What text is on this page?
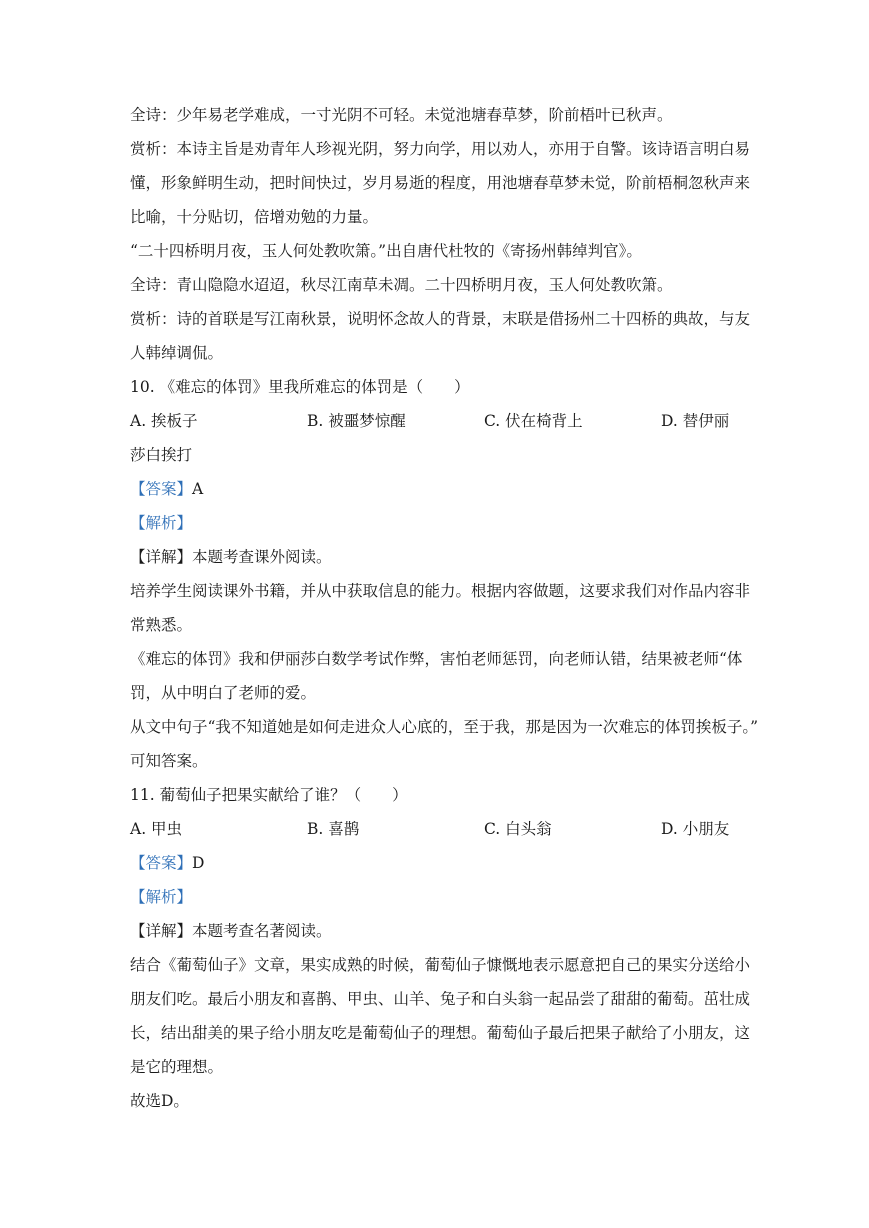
全诗：少年易老学难成，一寸光阴不可轻。未觉池塘春草梦，阶前梧叶已秋声。
赏析：本诗主旨是劝青年人珍视光阴，努力向学，用以劝人，亦用于自警。该诗语言明白易
懂，形象鲜明生动，把时间快过，岁月易逝的程度，用池塘春草梦未觉，阶前梧桐忽秋声来
比喻，十分贴切，倍增劝勉的力量。
“二十四桥明月夜，玉人何处教吹箫。”出自唐代杜牧的《寄扬州韩绰判官》。
全诗：青山隐隐水迢迢，秋尽江南草未凋。二十四桥明月夜，玉人何处教吹箫。
赏析：诗的首联是写江南秋景，说明怀念故人的背景，末联是借扬州二十四桥的典故，与友
人韩绰调侃。
10. 《难忘的体罚》里我所难忘的体罚是（　　）
A. 挨板子	B. 被噩梦惊醒	C. 伏在椅背上	D. 替伊丽
莎白挨打
【答案】A
【解析】
【详解】本题考查课外阅读。
培养学生阅读课外书籍，并从中获取信息的能力。根据内容做题，这要求我们对作品内容非
常熟悉。
《难忘的体罚》我和伊丽莎白数学考试作弊，害怕老师惩罚，向老师认错，结果被老师“体
罚，从中明白了老师的爱。
从文中句子“我不知道她是如何走进众人心底的，至于我，那是因为一次难忘的体罚挨板子。”
可知答案。
11. 葡萄仙子把果实献给了谁？（　　）
A. 甲虫	B. 喜鹊	C. 白头翁	D. 小朋友
【答案】D
【解析】
【详解】本题考查名著阅读。
结合《葡萄仙子》文章，果实成熟的时候，葡萄仙子慷慨地表示愿意把自己的果实分送给小
朋友们吃。最后小朋友和喜鹊、甲虫、山羊、兔子和白头翁一起品尝了甜甜的葡萄。茁壮成
长，结出甜美的果子给小朋友吃是葡萄仙子的理想。葡萄仙子最后把果子献给了小朋友，这
是它的理想。
故选D。
